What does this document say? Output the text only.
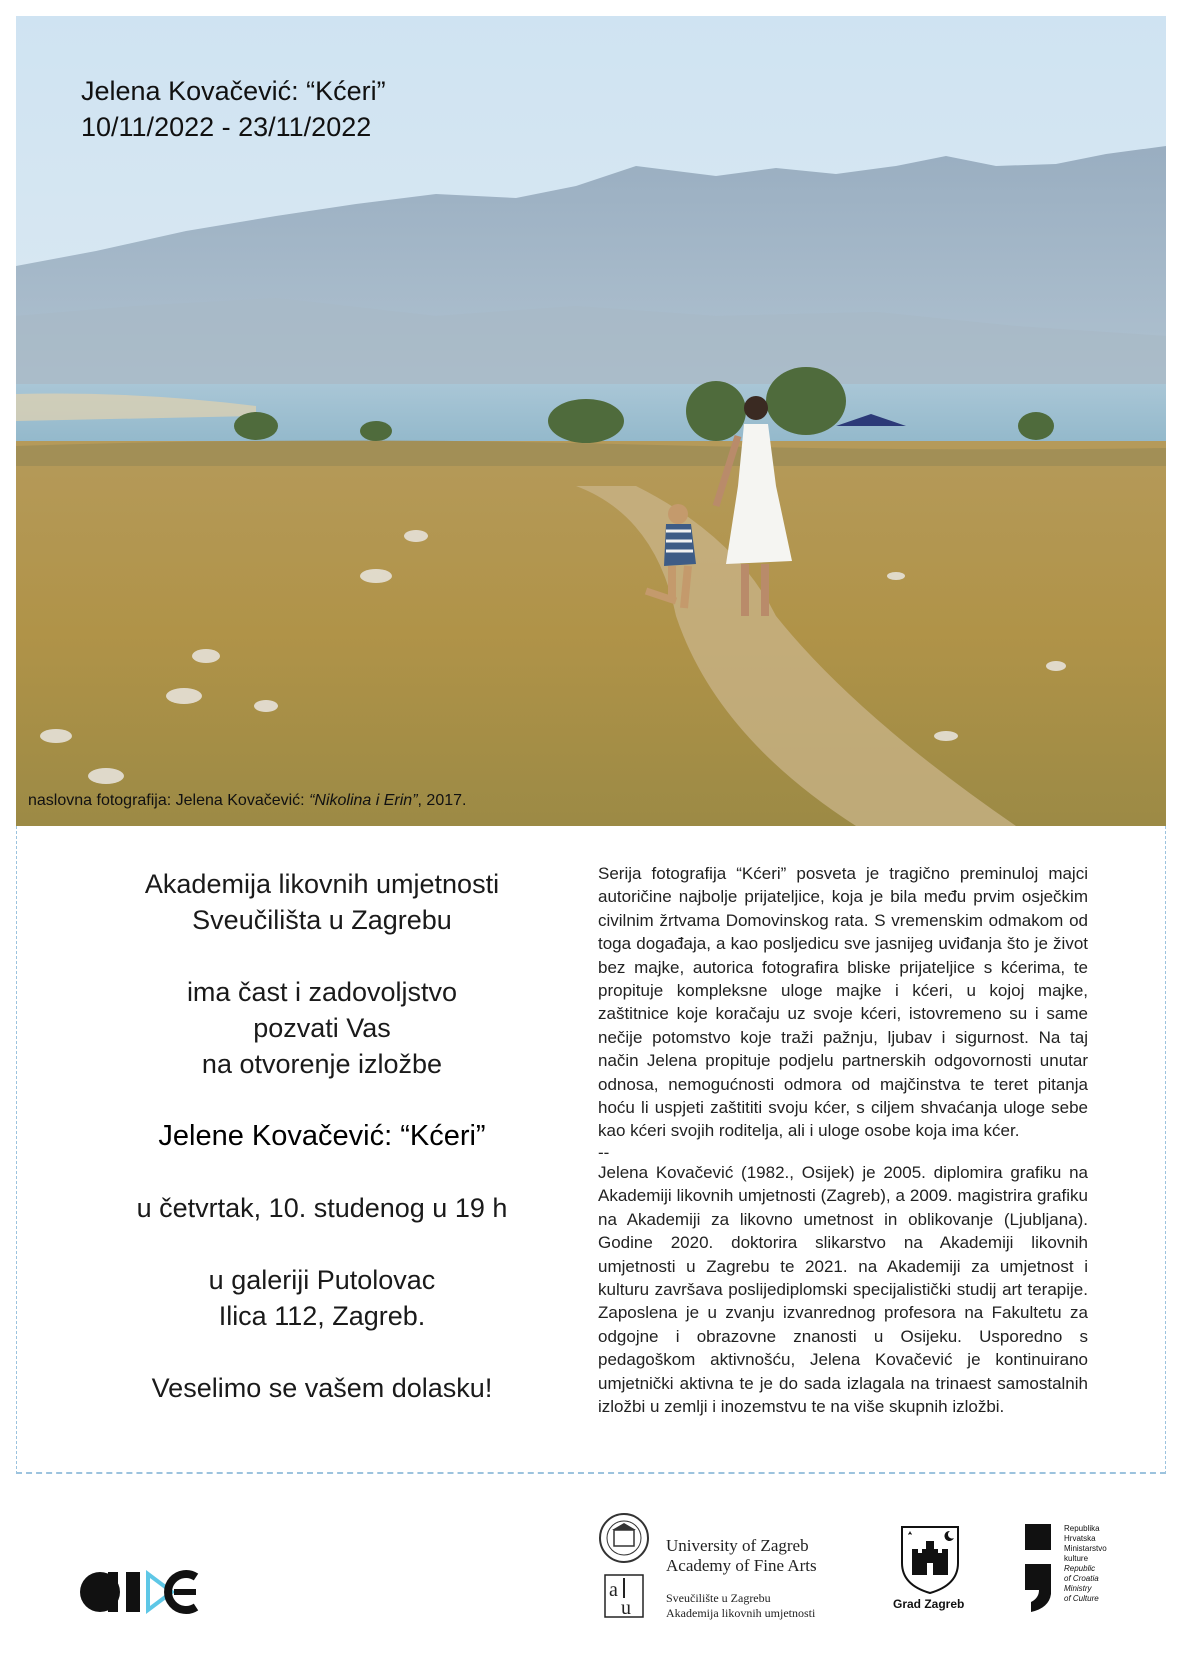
Jelena Kovačević: “Kćeri”
10/11/2022 - 23/11/2022
naslovna fotografija: Jelena Kovačević: “Nikolina i Erin”, 2017.

Akademija likovnih umjetnosti

Sveučilišta u Zagrebu

ima čast i zadovoljstvo

pozvati Vas

na otvorenje izložbe

Jelene Kovačević: “Kćeri”

u četvrtak, 10. studenog u 19 h

u galeriji Putolovac

Ilica 112, Zagreb.

Veselimo se vašem dolasku!

Serija fotografija “Kćeri” posveta je tragično preminuloj majci autoričine najbolje prijateljice, koja je bila među prvim osječkim civilnim žrtvama Domovinskog rata. S vremenskim odmakom od toga događaja, a kao posljedicu sve jasnijeg uviđanja što je život bez majke, autorica fotografira bliske prijateljice s kćerima, te propituje kompleksne uloge majke i kćeri, u kojoj majke, zaštitnice koje koračaju uz svoje kćeri, istovremeno su i same nečije potomstvo koje traži pažnju, ljubav i sigurnost. Na taj način Jelena propituje podjelu partnerskih odgovornosti unutar odnosa, nemogućnosti odmora od majčinstva te teret pitanja hoću li uspjeti zaštititi svoju kćer, s ciljem shvaćanja uloge sebe kao kćeri svojih roditelja, ali i uloge osobe koja ima kćer.

--

Jelena Kovačević (1982., Osijek) je 2005. diplomira grafiku na Akademiji likovnih umjetnosti (Zagreb), a 2009. magistrira grafiku na Akademiji za likovno umetnost in oblikovanje (Ljubljana). Godine 2020. doktorira slikarstvo na Akademiji likovnih umjetnosti u Zagrebu te 2021. na Akademiji za umjetnost i kulturu završava poslijediplomski specijalistički studij art terapije. Zaposlena je u zvanju izvanrednog profesora na Fakultetu za odgojne i obrazovne znanosti u Osijeku. Usporedno s pedagoškom aktivnošću, Jelena Kovačević je kontinuirano umjetnički aktivna te je do sada izlagala na trinaest samostalnih izložbi u zemlji i inozemstvu te na više skupnih izložbi.

a
u
University of Zagreb
Academy of Fine Arts
Sveučilište u Zagrebu
Akademija likovnih umjetnosti
Grad Zagreb
Republika
Hrvatska
Ministarstvo
kulture
Republic
of Croatia
Ministry
of Culture
